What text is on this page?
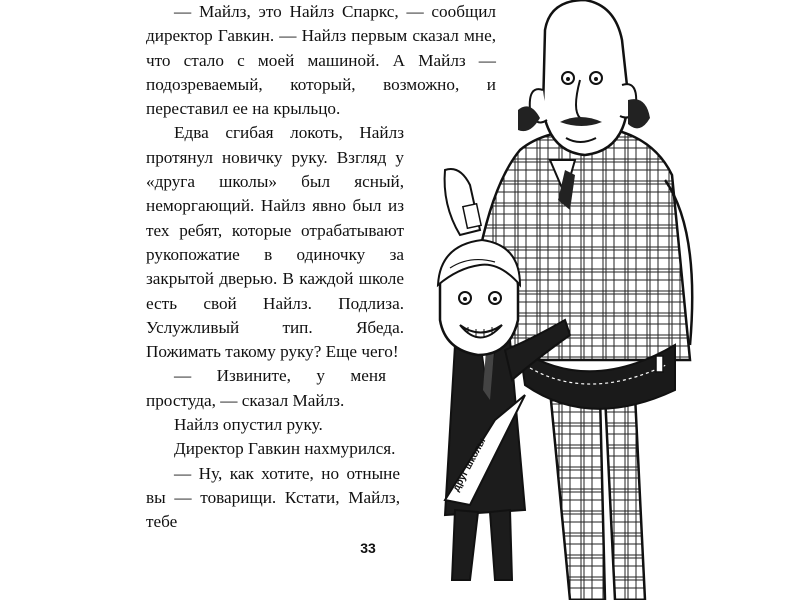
— Майлз, это Найлз Спаркс, — сообщил директор Гавкин. — Найлз первым сказал мне, что стало с моей машиной. А Майлз — подозреваемый, который, возможно, и переставил ее на крыльцо.

Едва сгибая локоть, Найлз протянул новичку руку. Взгляд у «друга школы» был ясный, неморгающий. Найлз явно был из тех ребят, которые отрабатывают рукопожатие в одиночку за закрытой дверью. В каждой школе есть свой Найлз. Подлиза. Услужливый тип. Ябеда. Пожимать такому руку? Еще чего!

— Извините, у меня простуда, — сказал Майлз.

Найлз опустил руку.

Директор Гавкин нахмурился.

— Ну, как хотите, но отныне вы — товарищи. Кстати, Майлз, тебе

33
друг школы
